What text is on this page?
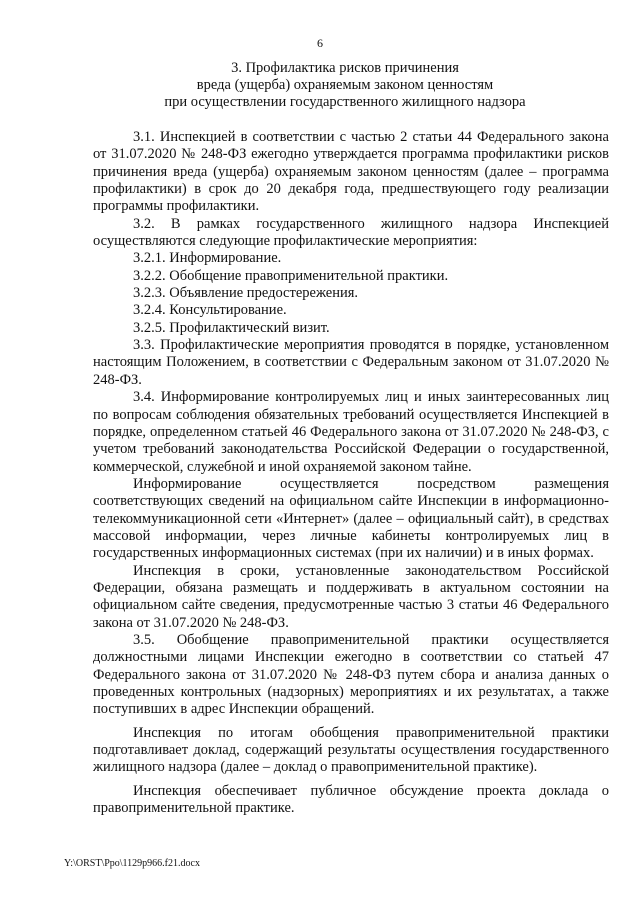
6
3. Профилактика рисков причинения
вреда (ущерба) охраняемым законом ценностям
при осуществлении государственного жилищного надзора

3.1. Инспекцией в соответствии с частью 2 статьи 44 Федерального закона от 31.07.2020 № 248-ФЗ ежегодно утверждается программа профилактики рисков причинения вреда (ущерба) охраняемым законом ценностям (далее – программа профилактики) в срок до 20 декабря года, предшествующего году реализации программы профилактики.

3.2. В рамках государственного жилищного надзора Инспекцией осуществляются следующие профилактические мероприятия:

3.2.1. Информирование.

3.2.2. Обобщение правоприменительной практики.

3.2.3. Объявление предостережения.

3.2.4. Консультирование.

3.2.5. Профилактический визит.

3.3. Профилактические мероприятия проводятся в порядке, установленном настоящим Положением, в соответствии с Федеральным законом от 31.07.2020 № 248-ФЗ.

3.4. Информирование контролируемых лиц и иных заинтересованных лиц по вопросам соблюдения обязательных требований осуществляется Инспекцией в порядке, определенном статьей 46 Федерального закона от 31.07.2020 № 248-ФЗ, с учетом требований законодательства Российской Федерации о государственной, коммерческой, служебной и иной охраняемой законом тайне.

Информирование осуществляется посредством размещения соответствующих сведений на официальном сайте Инспекции в информационно-телекоммуникационной сети «Интернет» (далее – официальный сайт), в средствах массовой информации, через личные кабинеты контролируемых лиц в государственных информационных системах (при их наличии) и в иных формах.

Инспекция в сроки, установленные законодательством Российской Федерации, обязана размещать и поддерживать в актуальном состоянии на официальном сайте сведения, предусмотренные частью 3 статьи 46 Федерального закона от 31.07.2020 № 248-ФЗ.

3.5. Обобщение правоприменительной практики осуществляется должностными лицами Инспекции ежегодно в соответствии со статьей 47 Федерального закона от 31.07.2020 № 248-ФЗ путем сбора и анализа данных о проведенных контрольных (надзорных) мероприятиях и их результатах, а также поступивших в адрес Инспекции обращений.

Инспекция по итогам обобщения правоприменительной практики подготавливает доклад, содержащий результаты осуществления государственного жилищного надзора (далее – доклад о правоприменительной практике).

Инспекция обеспечивает публичное обсуждение проекта доклада о правоприменительной практике.

Y:\ORST\Ppo\1129p966.f21.docx
